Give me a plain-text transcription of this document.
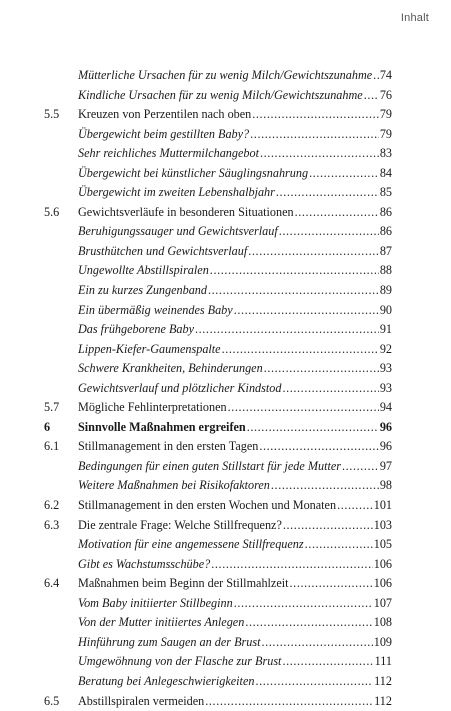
Inhalt
Mütterliche Ursachen für zu wenig Milch/Gewichtszunahme ..... 74
Kindliche Ursachen für zu wenig Milch/Gewichtszunahme ..... 76
5.5	Kreuzen von Perzentilen nach oben .....	79
Übergewicht beim gestillten Baby? .....	79
Sehr reichliches Muttermilchangebot .....	83
Übergewicht bei künstlicher Säuglingsnahrung .....	84
Übergewicht im zweiten Lebenshalbjahr .....	85
5.6	Gewichtsverläufe in besonderen Situationen .....	86
Beruhigungssauger und Gewichtsverlauf .....	86
Brusthütchen und Gewichtsverlauf .....	87
Ungewollte Abstillspiralen .....	88
Ein zu kurzes Zungenband .....	89
Ein übermäßig weinendes Baby .....	90
Das frühgeborene Baby .....	91
Lippen-Kiefer-Gaumenspalte .....	92
Schwere Krankheiten, Behinderungen .....	93
Gewichtsverlauf und plötzlicher Kindstod .....	93
5.7	Mögliche Fehlinterpretationen .....	94
6	Sinnvolle Maßnahmen ergreifen .....	96
6.1	Stillmanagement in den ersten Tagen .....	96
Bedingungen für einen guten Stillstart für jede Mutter .....	97
Weitere Maßnahmen bei Risikofaktoren .....	98
6.2	Stillmanagement in den ersten Wochen und Monaten .....	101
6.3	Die zentrale Frage: Welche Stillfrequenz? .....	103
Motivation für eine angemessene Stillfrequenz .....	105
Gibt es Wachstumsschübe? .....	106
6.4	Maßnahmen beim Beginn der Stillmahlzeit .....	106
Vom Baby initiierter Stillbeginn .....	107
Von der Mutter initiiertes Anlegen .....	108
Hinführung zum Saugen an der Brust .....	109
Umgewöhnung von der Flasche zur Brust .....	111
Beratung bei Anlegeschwierigkeiten .....	112
6.5	Abstillspiralen vermeiden .....	112
